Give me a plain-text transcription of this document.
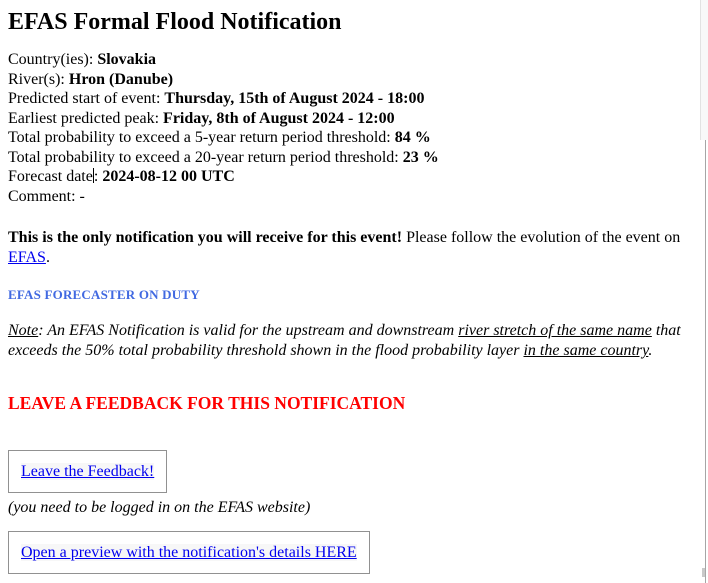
EFAS Formal Flood Notification
Country(ies): Slovakia
River(s): Hron (Danube)
Predicted start of event: Thursday, 15th of August 2024 - 18:00
Earliest predicted peak: Friday, 8th of August 2024 - 12:00
Total probability to exceed a 5-year return period threshold: 84 %
Total probability to exceed a 20-year return period threshold: 23 %
Forecast date: 2024-08-12 00 UTC
Comment: -

This is the only notification you will receive for this event! Please follow the evolution of the event on
EFAS.

EFAS FORECASTER ON DUTY

Note: An EFAS Notification is valid for the upstream and downstream river stretch of the same name that
exceeds the 50% total probability threshold shown in the flood probability layer in the same country.

LEAVE A FEEDBACK FOR THIS NOTIFICATION
Leave the Feedback!
(you need to be logged in on the EFAS website)
Open a preview with the notification's details HERE
